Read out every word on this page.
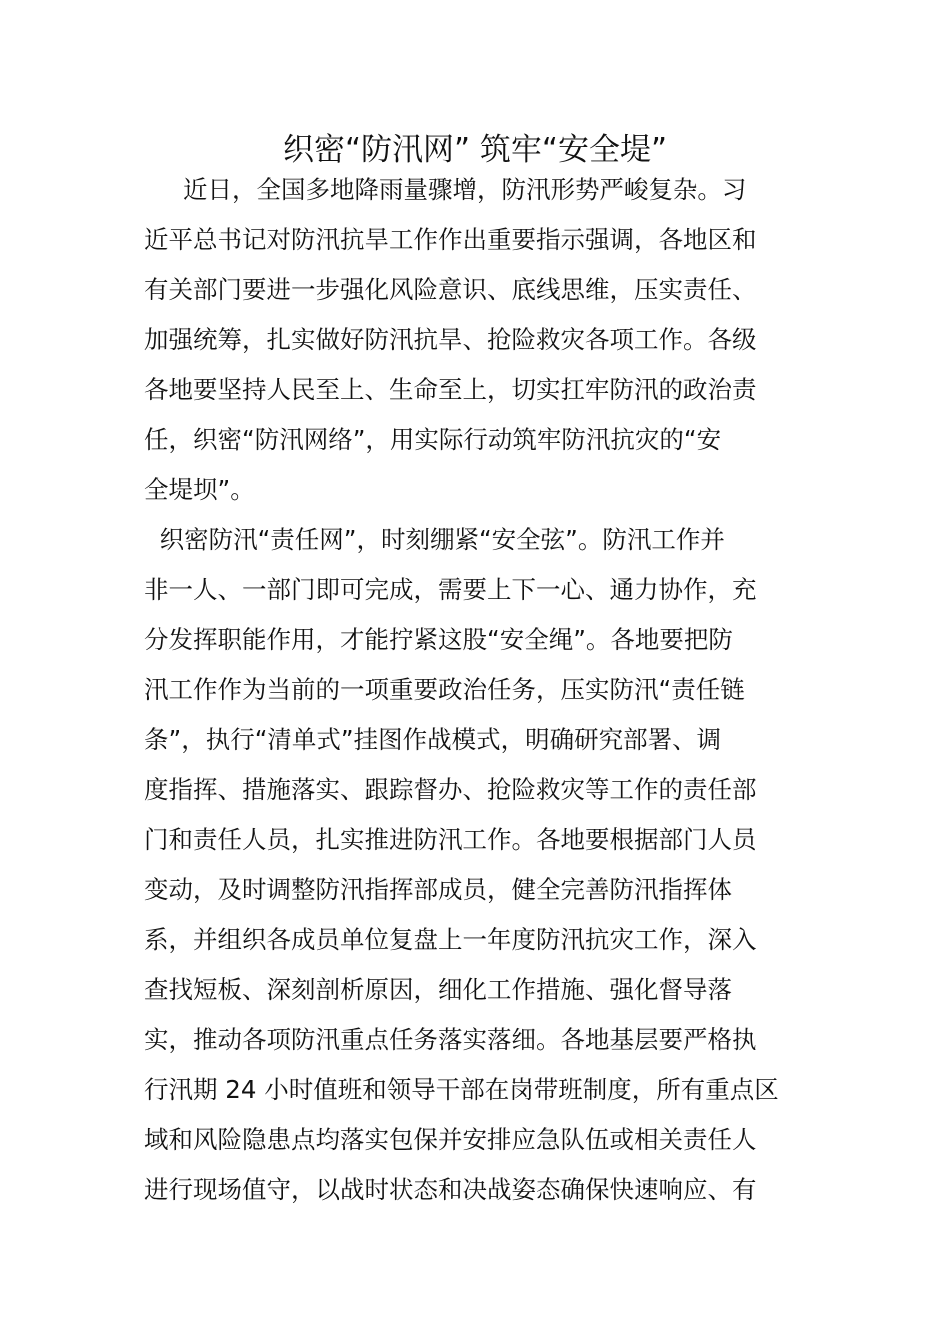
织密“防汛网” 筑牢“安全堤”
近日，全国多地降雨量骤增，防汛形势严峻复杂。习
近平总书记对防汛抗旱工作作出重要指示强调，各地区和
有关部门要进一步强化风险意识、底线思维，压实责任、
加强统筹，扎实做好防汛抗旱、抢险救灾各项工作。各级
各地要坚持人民至上、生命至上，切实扛牢防汛的政治责
任，织密“防汛网络”，用实际行动筑牢防汛抗灾的“安
全堤坝”。
织密防汛“责任网”，时刻绷紧“安全弦”。防汛工作并
非一人、一部门即可完成，需要上下一心、通力协作，充
分发挥职能作用，才能拧紧这股“安全绳”。各地要把防
汛工作作为当前的一项重要政治任务，压实防汛“责任链
条”，执行“清单式”挂图作战模式，明确研究部署、调
度指挥、措施落实、跟踪督办、抢险救灾等工作的责任部
门和责任人员，扎实推进防汛工作。各地要根据部门人员
变动，及时调整防汛指挥部成员，健全完善防汛指挥体
系，并组织各成员单位复盘上一年度防汛抗灾工作，深入
查找短板、深刻剖析原因，细化工作措施、强化督导落
实，推动各项防汛重点任务落实落细。各地基层要严格执
行汛期 24 小时值班和领导干部在岗带班制度，所有重点区
域和风险隐患点均落实包保并安排应急队伍或相关责任人
进行现场值守，以战时状态和决战姿态确保快速响应、有
